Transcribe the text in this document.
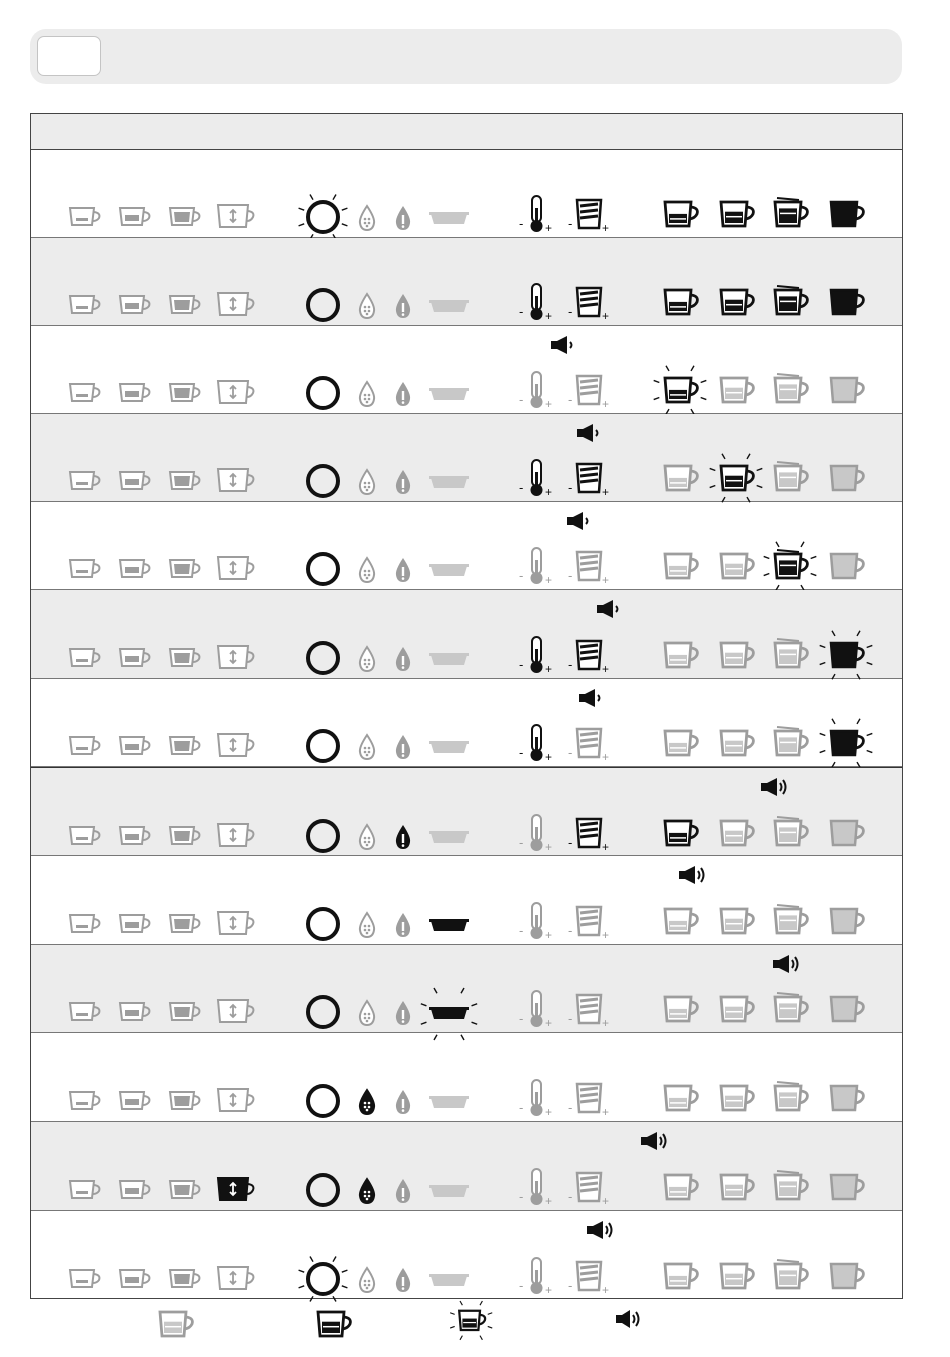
- + - +
- + - +
- + - +
- + - +
- + - +
- + - +
- + - +
- + - +
- + - +
- + - +
- + - +
- + - +
- + - +
